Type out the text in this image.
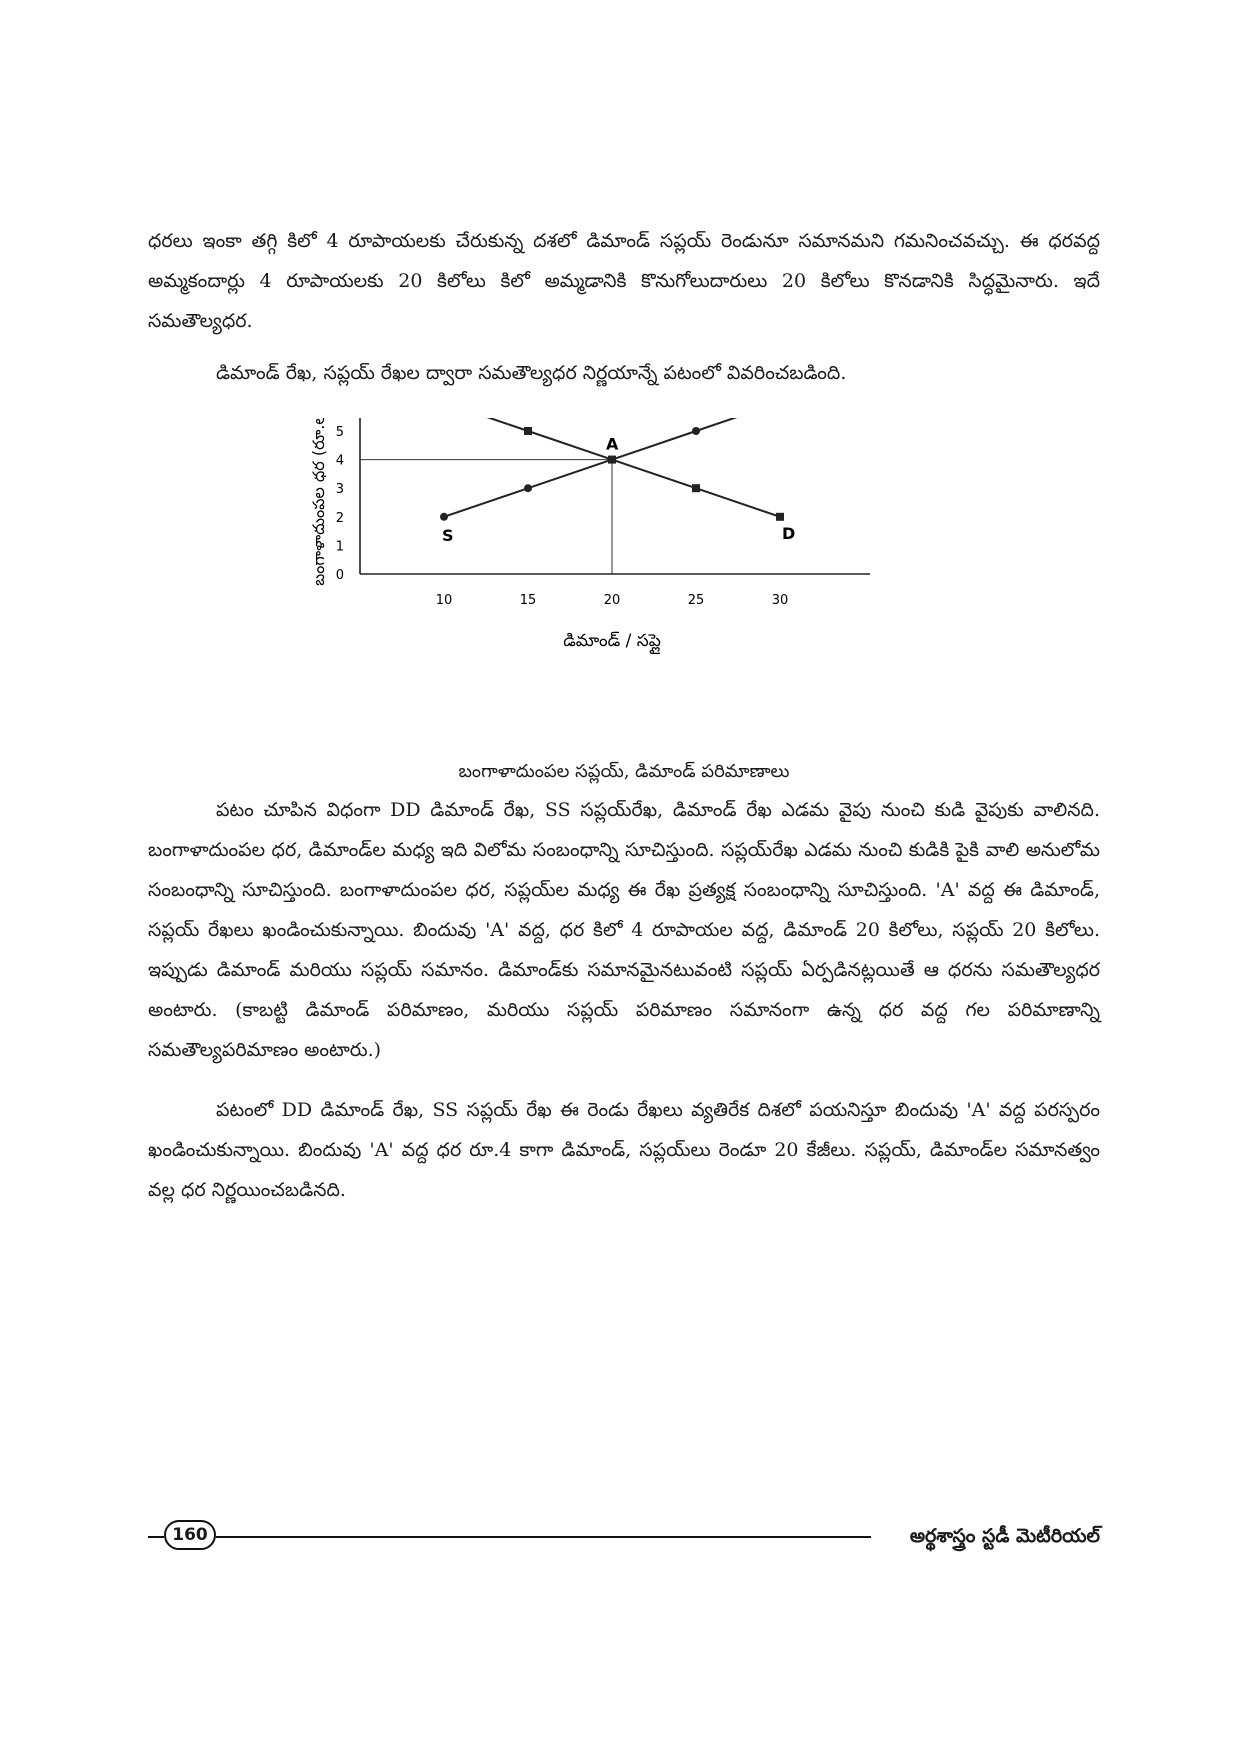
ధరలు ఇంకా తగ్గి కిలో 4 రూపాయలకు చేరుకున్న దశలో డిమాండ్ సప్లయ్ రెండునూ సమానమని గమనించవచ్చు. ఈ ధరవద్ద అమ్మకందార్లు 4 రూపాయలకు 20 కిలోలు కిలో అమ్మడానికి కొనుగోలుదారులు 20 కిలోలు కొనడానికి సిద్ధమైనారు. ఇదే సమతౌల్యధర.
డిమాండ్ రేఖ, సప్లయ్ రేఖల ద్వారా సమతౌల్యధర నిర్ణయాన్నే పటంలో వివరించబడింది.
0
1
2
3
4
5
10	15	20	25	30
D
S
A
డిమాండ్ / సప్లై
బంగాళాదుంపల ధర (రూ.లలో)
బంగాళాదుంపల సప్లయ్, డిమాండ్ పరిమాణాలు
పటం చూపిన విధంగా DD డిమాండ్ రేఖ, SS సప్లయ్‌రేఖ, డిమాండ్ రేఖ ఎడమ వైపు నుంచి కుడి వైపుకు వాలినది. బంగాళాదుంపల ధర, డిమాండ్‌ల మధ్య ఇది విలోమ సంబంధాన్ని సూచిస్తుంది. సప్లయ్‌రేఖ ఎడమ నుంచి కుడికి పైకి వాలి అనులోమ సంబంధాన్ని సూచిస్తుంది. బంగాళాదుంపల ధర, సప్లయ్‌ల మధ్య ఈ రేఖ ప్రత్యక్ష సంబంధాన్ని సూచిస్తుంది. 'A' వద్ద ఈ డిమాండ్, సప్లయ్ రేఖలు ఖండించుకున్నాయి. బిందువు 'A' వద్ద, ధర కిలో 4 రూపాయల వద్ద, డిమాండ్ 20 కిలోలు, సప్లయ్ 20 కిలోలు. ఇప్పుడు డిమాండ్ మరియు సప్లయ్ సమానం. డిమాండ్‌కు సమానమైనటువంటి సప్లయ్ ఏర్పడినట్లయితే ఆ ధరను సమతౌల్యధర అంటారు. (కాబట్టి డిమాండ్ పరిమాణం, మరియు సప్లయ్ పరిమాణం సమానంగా ఉన్న ధర వద్ద గల పరిమాణాన్ని సమతౌల్యపరిమాణం అంటారు.)
పటంలో DD డిమాండ్ రేఖ, SS సప్లయ్ రేఖ ఈ రెండు రేఖలు వ్యతిరేక దిశలో పయనిస్తూ బిందువు 'A' వద్ద పరస్పరం ఖండించుకున్నాయి. బిందువు 'A' వద్ద ధర రూ.4 కాగా డిమాండ్, సప్లయ్‌లు రెండూ 20 కేజీలు. సప్లయ్, డిమాండ్‌ల సమానత్వం వల్ల ధర నిర్ణయించబడినది.
160	అర్థశాస్త్రం స్టడీ మెటీరియల్
